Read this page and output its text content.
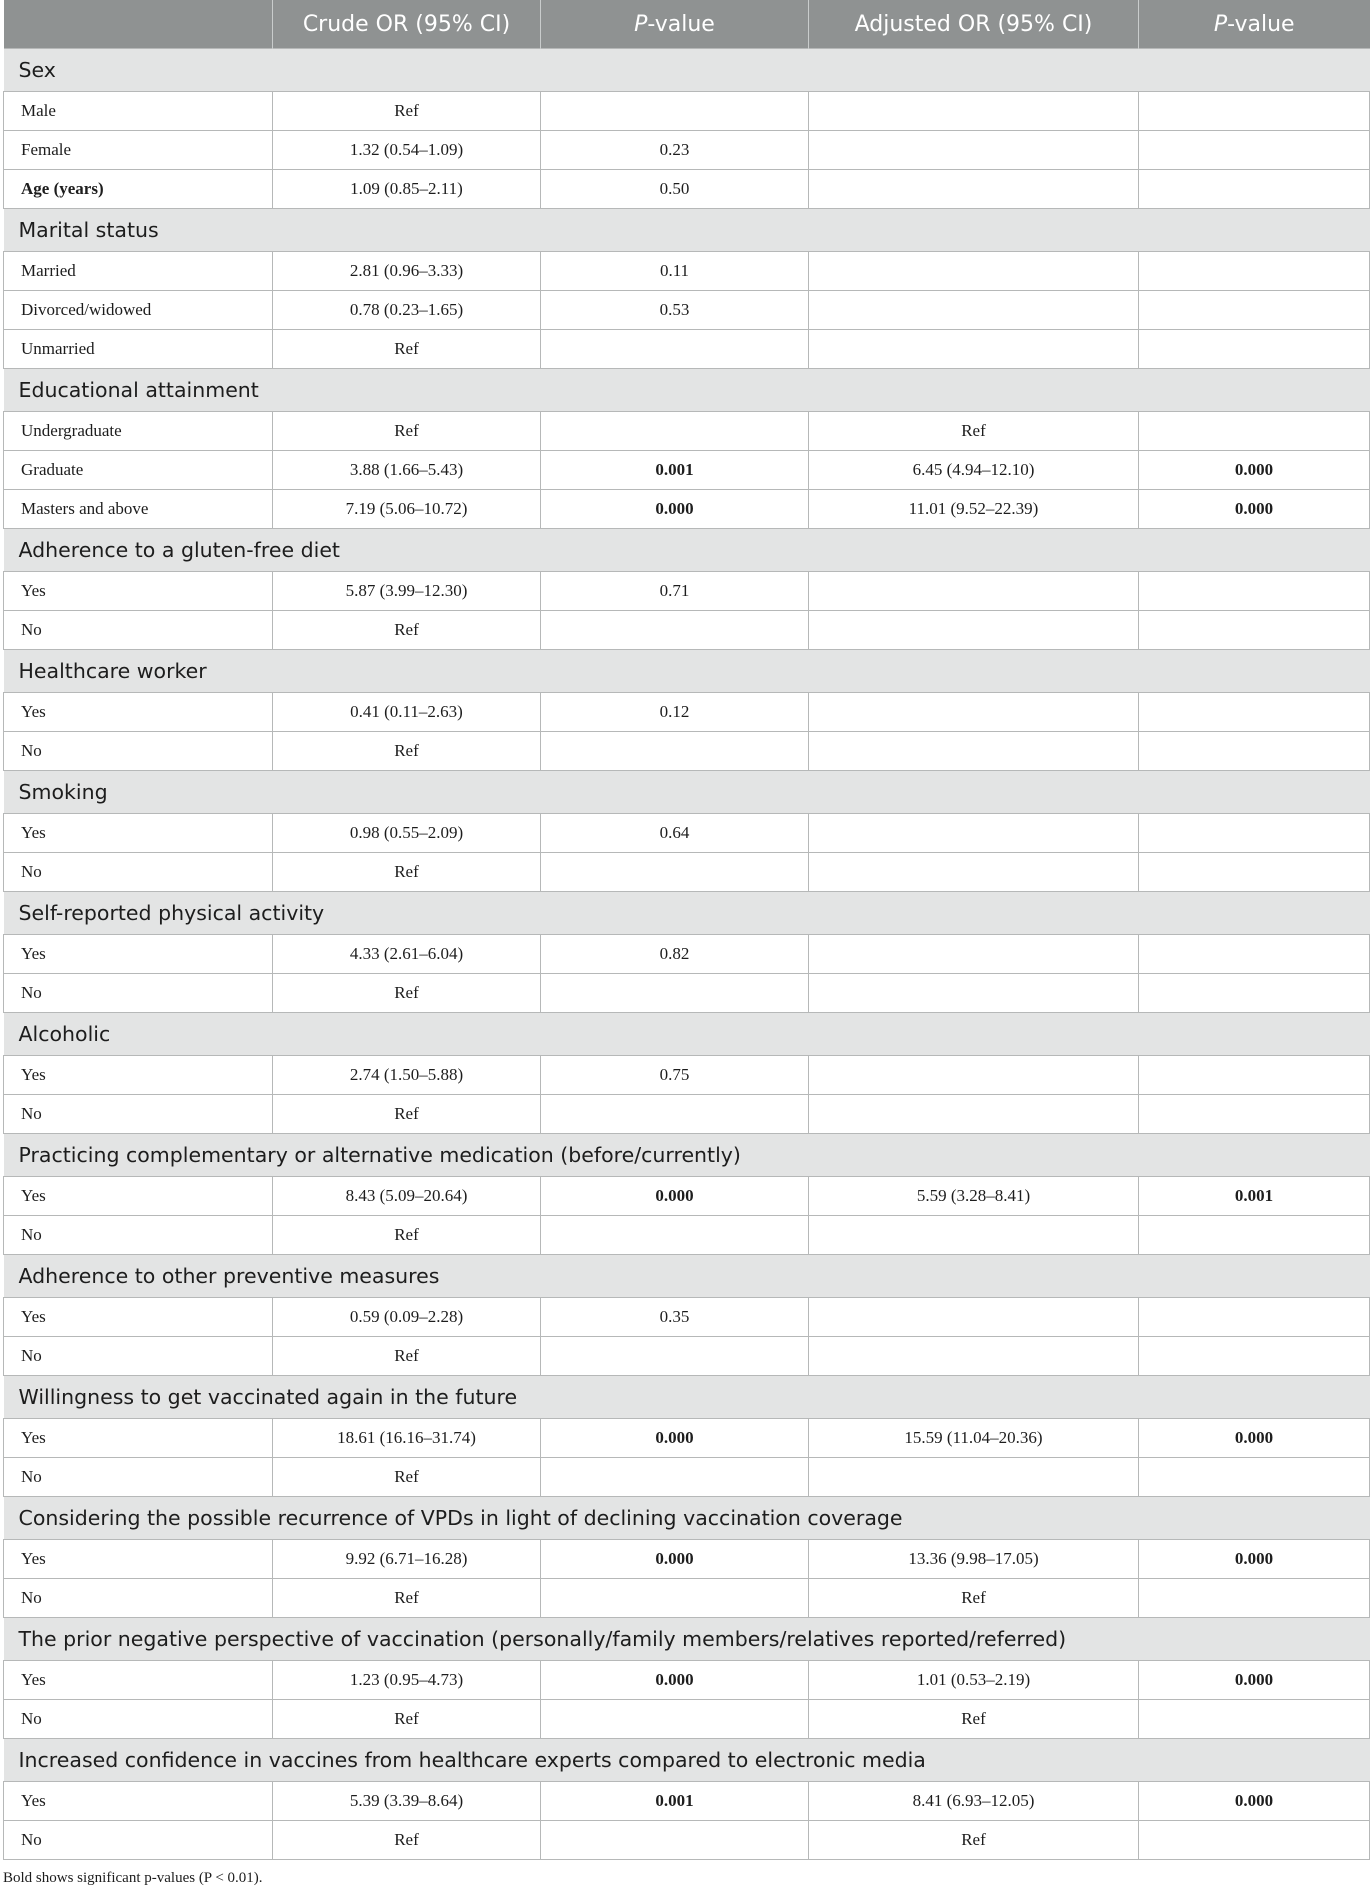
	Crude OR (95% CI)	P-value	Adjusted OR (95% CI)	P-value
Sex				
Male	Ref			
Female	1.32 (0.54–1.09)	0.23		
Age (years)	1.09 (0.85–2.11)	0.50		
Marital status				
Married	2.81 (0.96–3.33)	0.11		
Divorced/widowed	0.78 (0.23–1.65)	0.53		
Unmarried	Ref			
Educational attainment				
Undergraduate	Ref		Ref	
Graduate	3.88 (1.66–5.43)	0.001	6.45 (4.94–12.10)	0.000
Masters and above	7.19 (5.06–10.72)	0.000	11.01 (9.52–22.39)	0.000
Adherence to a gluten-free diet				
Yes	5.87 (3.99–12.30)	0.71		
No	Ref			
Healthcare worker				
Yes	0.41 (0.11–2.63)	0.12		
No	Ref			
Smoking				
Yes	0.98 (0.55–2.09)	0.64		
No	Ref			
Self-reported physical activity				
Yes	4.33 (2.61–6.04)	0.82		
No	Ref			
Alcoholic				
Yes	2.74 (1.50–5.88)	0.75		
No	Ref			
Practicing complementary or alternative medication (before/currently)				
Yes	8.43 (5.09–20.64)	0.000	5.59 (3.28–8.41)	0.001
No	Ref			
Adherence to other preventive measures				
Yes	0.59 (0.09–2.28)	0.35		
No	Ref			
Willingness to get vaccinated again in the future				
Yes	18.61 (16.16–31.74)	0.000	15.59 (11.04–20.36)	0.000
No	Ref			
Considering the possible recurrence of VPDs in light of declining vaccination coverage				
Yes	9.92 (6.71–16.28)	0.000	13.36 (9.98–17.05)	0.000
No	Ref		Ref	
The prior negative perspective of vaccination (personally/family members/relatives reported/referred)				
Yes	1.23 (0.95–4.73)	0.000	1.01 (0.53–2.19)	0.000
No	Ref		Ref	
Increased confidence in vaccines from healthcare experts compared to electronic media				
Yes	5.39 (3.39–8.64)	0.001	8.41 (6.93–12.05)	0.000
No	Ref		Ref	
Bold shows significant p-values (P < 0.01).
